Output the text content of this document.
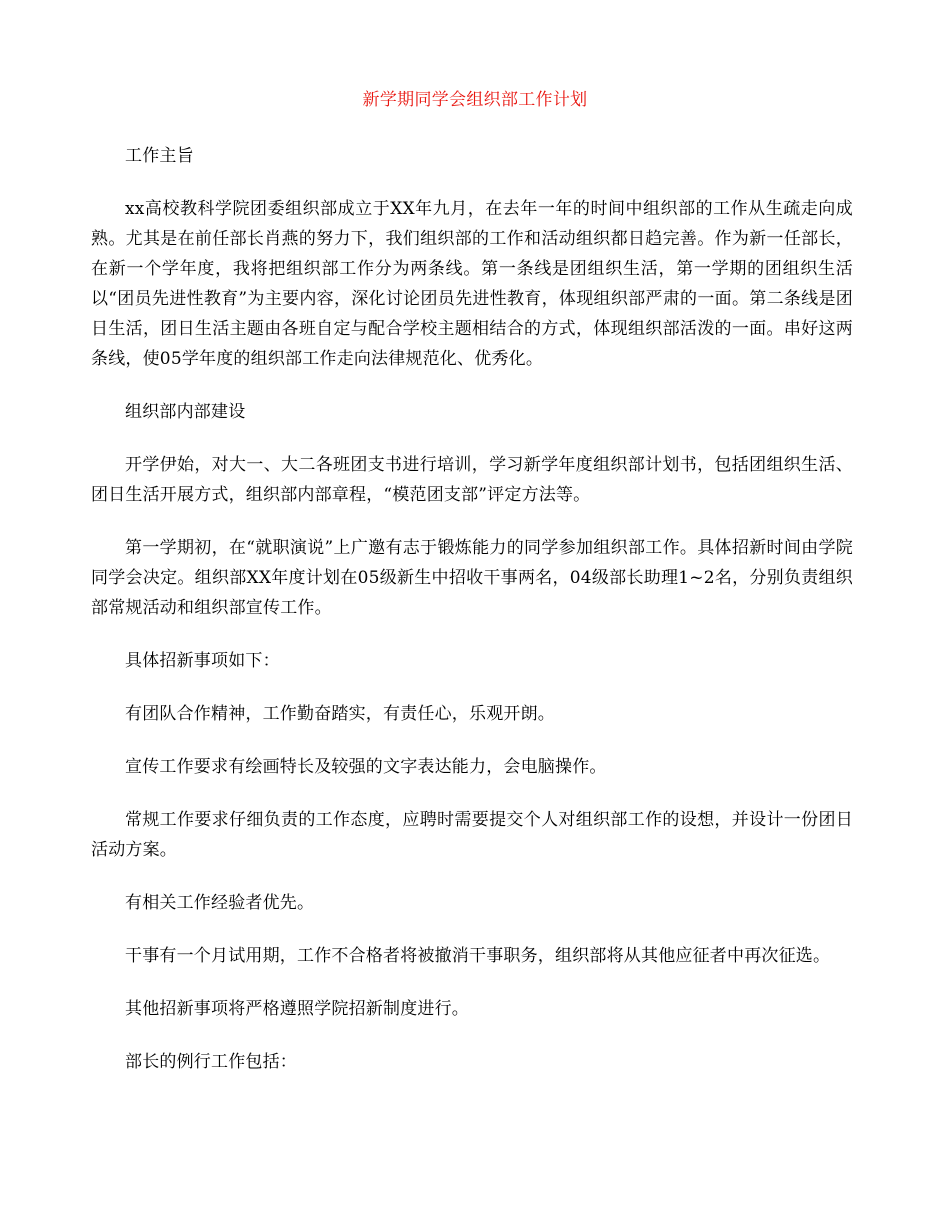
新学期同学会组织部工作计划

工作主旨

xx高校教科学院团委组织部成立于XX年九月，在去年一年的时间中组织部的工作从生疏走向成熟。尤其是在前任部长肖燕的努力下，我们组织部的工作和活动组织都日趋完善。作为新一任部长，在新一个学年度，我将把组织部工作分为两条线。第一条线是团组织生活，第一学期的团组织生活以“团员先进性教育”为主要内容，深化讨论团员先进性教育，体现组织部严肃的一面。第二条线是团日生活，团日生活主题由各班自定与配合学校主题相结合的方式，体现组织部活泼的一面。串好这两条线，使05学年度的组织部工作走向法律规范化、优秀化。

组织部内部建设

开学伊始，对大一、大二各班团支书进行培训，学习新学年度组织部计划书，包括团组织生活、团日生活开展方式，组织部内部章程，“模范团支部”评定方法等。

第一学期初，在“就职演说”上广邀有志于锻炼能力的同学参加组织部工作。具体招新时间由学院同学会决定。组织部XX年度计划在05级新生中招收干事两名，04级部长助理1~2名，分别负责组织部常规活动和组织部宣传工作。

具体招新事项如下：

有团队合作精神，工作勤奋踏实，有责任心，乐观开朗。

宣传工作要求有绘画特长及较强的文字表达能力，会电脑操作。

常规工作要求仔细负责的工作态度，应聘时需要提交个人对组织部工作的设想，并设计一份团日活动方案。

有相关工作经验者优先。

干事有一个月试用期，工作不合格者将被撤消干事职务，组织部将从其他应征者中再次征选。

其他招新事项将严格遵照学院招新制度进行。

部长的例行工作包括：
